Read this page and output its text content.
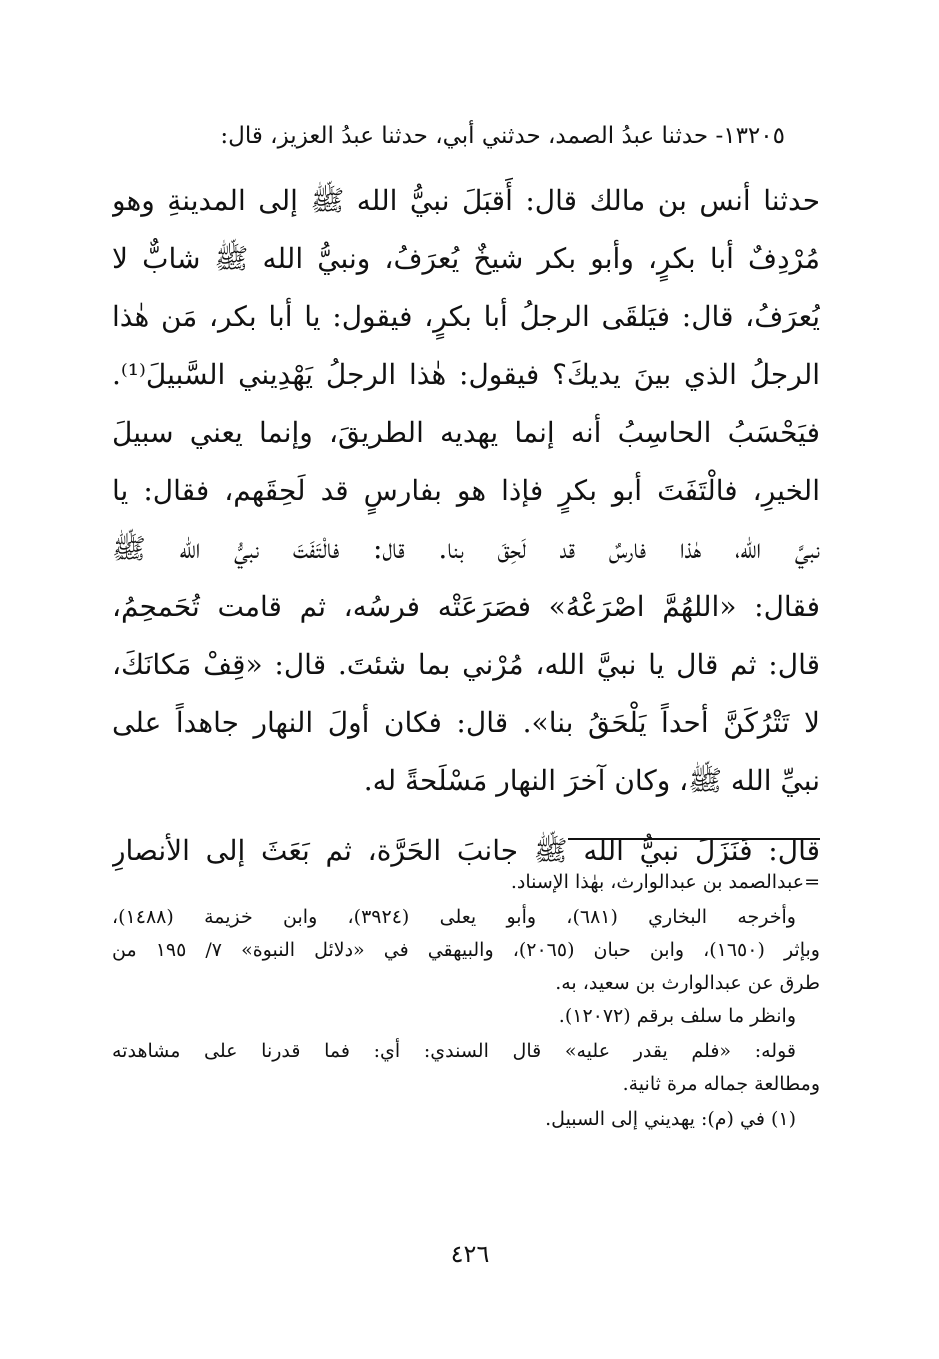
١٣٢٠٥- حدثنا عبدُ الصمد، حدثني أبي، حدثنا عبدُ العزيز، قال:
حدثنا أنس بن مالك قال: أَقبَلَ نبيُّ الله ﷺ إلى المدينةِ وهو
مُرْدِفٌ أبا بكرٍ، وأبو بكر شيخٌ يُعرَفُ، ونبيُّ الله ﷺ شابٌّ لا
يُعرَفُ، قال: فيَلقَى الرجلُ أبا بكرٍ، فيقول: يا أبا بكر، مَن هٰذا
الرجلُ الذي بينَ يديكَ؟ فيقول: هٰذا الرجلُ يَهْدِيني السَّبيلَ⁽¹⁾.
فيَحْسَبُ الحاسِبُ أنه إنما يهديه الطريقَ، وإنما يعني سبيلَ
الخيرِ، فالْتَفَتَ أبو بكرٍ فإذا هو بفارسٍ قد لَحِقَهم، فقال: يا
نبيَّ الله، هٰذا فارسٌ قد لَحِقَ بنا. قال: فالْتَفَتَ نبيُّ الله ﷺ
فقال: «اللهُمَّ اصْرَعْهُ» فصَرَعَتْه فرسُه، ثم قامت تُحَمحِمُ،
قال: ثم قال يا نبيَّ الله، مُرْني بما شئتَ. قال: «قِفْ مَكانَكَ،
لا تَتْرُكَنَّ أحداً يَلْحَقُ بنا». قال: فكان أولَ النهار جاهداً على
نبيِّ الله ﷺ، وكان آخرَ النهار مَسْلَحةً له.
قال: فَنَزَلَ نبيُّ الله ﷺ جانبَ الحَرَّة، ثم بَعَثَ إلى الأنصارِ
=عبدالصمد بن عبدالوارث، بهٰذا الإسناد.
وأخرجه البخاري (٦٨١)، وأبو يعلى (٣٩٢٤)، وابن خزيمة (١٤٨٨)،
وبإثر (١٦٥٠)، وابن حبان (٢٠٦٥)، والبيهقي في «دلائل النبوة» ٧/ ١٩٥ من
طرق عن عبدالوارث بن سعيد، به.
وانظر ما سلف برقم (١٢٠٧٢).
قوله: «فلم يقدر عليه» قال السندي: أي: فما قدرنا على مشاهدته
ومطالعة جماله مرة ثانية.
(١) في (م): يهديني إلى السبيل.
٤٢٦
